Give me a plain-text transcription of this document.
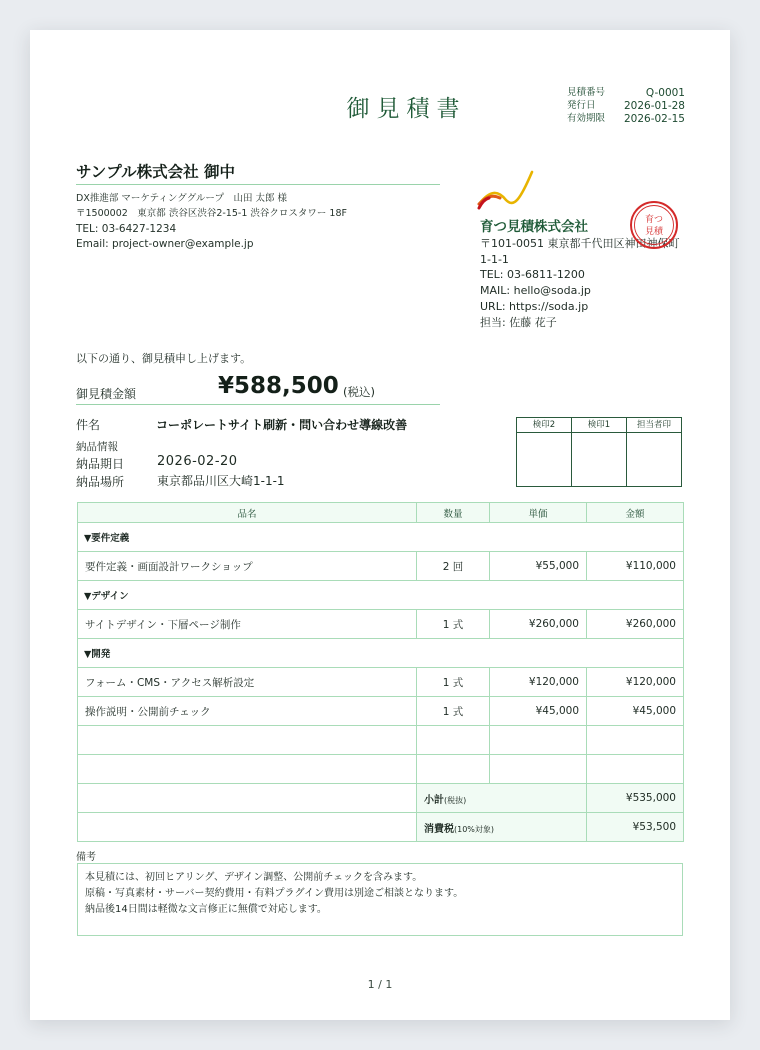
御見積書
見積番号	Q-0001
発行日	2026-01-28
有効期限 2026-02-15
サンプル株式会社 御中
DX推進部 マーケティンググループ　山田 太郎 様
〒1500002　東京都 渋谷区渋谷2-15-1 渋谷クロスタワー 18F
TEL: 03-6427-1234
Email: project-owner@example.jp
育つ見積株式会社
〒101-0051 東京都千代田区神田神保町
1-1-1
TEL: 03-6811-1200
MAIL: hello@soda.jp
URL: https://soda.jp
担当: 佐藤 花子
育つ
見積
以下の通り、御見積申し上げます。
御見積金額	¥588,500 (税込)
件名	コーポレートサイト刷新・問い合わせ導線改善
納品情報
納品期日	2026-02-20
納品場所	東京都品川区大崎1-1-1
検印2	検印1	担当者印
品名	数量	単価	金額
▼要件定義			
要件定義・画面設計ワークショップ	2 回	¥55,000	¥110,000
▼デザイン			
サイトデザイン・下層ページ制作	1 式	¥260,000	¥260,000
▼開発			
フォーム・CMS・アクセス解析設定	1 式	¥120,000	¥120,000
操作説明・公開前チェック	1 式	¥45,000	¥45,000

	小計(税抜)		¥535,000
	消費税(10%対象)		¥53,500
備考
本見積には、初回ヒアリング、デザイン調整、公開前チェックを含みます。
原稿・写真素材・サーバー契約費用・有料プラグイン費用は別途ご相談となります。
納品後14日間は軽微な文言修正に無償で対応します。
1 / 1
